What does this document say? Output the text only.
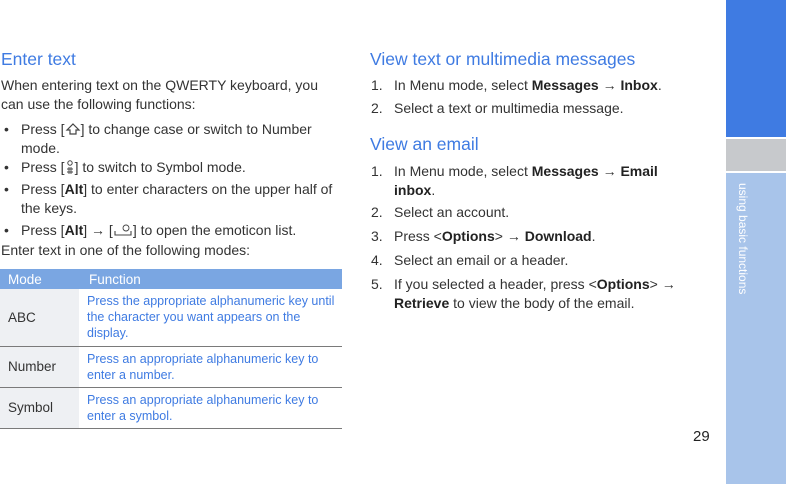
using basic functions
29
Enter text
When entering text on the QWERTY keyboard, you can use the following functions:
• Press [ ] to change case or switch to Number mode.
• Press [ ] to switch to Symbol mode.
• Press [Alt] to enter characters on the upper half of the keys.
• Press [Alt] → [ ] to open the emoticon list.
Enter text in one of the following modes:
Mode	Function
ABC	Press the appropriate alphanumeric key until the character you want appears on the display.
Number	Press an appropriate alphanumeric key to enter a number.
Symbol	Press an appropriate alphanumeric key to enter a symbol.
View text or multimedia messages
1. In Menu mode, select Messages → Inbox.
2. Select a text or multimedia message.
View an email
1. In Menu mode, select Messages → Email inbox.
2. Select an account.
3. Press <Options> → Download.
4. Select an email or a header.
5. If you selected a header, press <Options> → Retrieve to view the body of the email.
